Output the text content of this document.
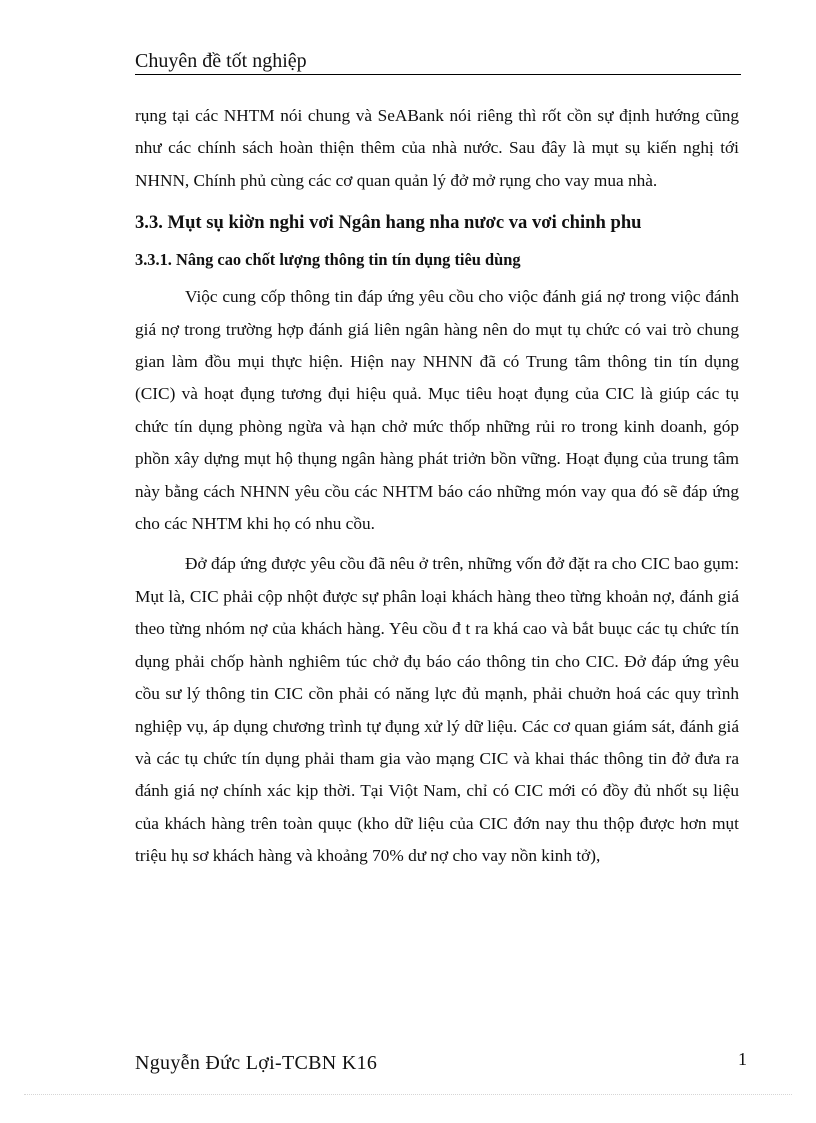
Chuyên đề tốt nghiệp

rụng tại các NHTM nói chung và SeABank nói riêng thì rốt cồn sự định hướng cũng như các chính sách hoàn thiện thêm của nhà nước. Sau đây là mụt sụ kiến nghị tới NHNN, Chính phủ cùng các cơ quan quản lý đở mở rụng cho vay mua nhà.

3.3. Mụt sụ kiờn nghi vơi Ngân hang nha nươc va vơi chinh phu
3.3.1. Nâng cao chốt lượng thông tin tín dụng tiêu dùng

Viộc cung cốp thông tin đáp ứng yêu cồu cho viộc đánh giá nợ trong viộc đánh giá nợ trong trường hợp đánh giá liên ngân hàng nên do mụt tụ chức có vai trò chung gian làm đồu mụi thực hiện. Hiện nay NHNN đã có Trung tâm thông tin tín dụng (CIC) và hoạt đụng tương đụi hiệu quả. Mục tiêu hoạt đụng của CIC là giúp các tụ chức tín dụng phòng ngừa và hạn chở mức thốp những rủi ro trong kinh doanh, góp phồn xây dựng mụt hộ thụng ngân hàng phát triởn bồn vững. Hoạt đụng của trung tâm này bằng cách NHNN yêu cồu các NHTM báo cáo những món vay qua đó sẽ đáp ứng cho các NHTM khi họ có nhu cồu.

Đở đáp ứng được yêu cồu đã nêu ở trên, những vốn đở đặt ra cho CIC bao gụm: Mụt là, CIC phải cộp nhột được sự phân loại khách hàng theo từng khoản nợ, đánh giá theo từng nhóm nợ của khách hàng. Yêu cồu đ t ra khá cao và bắt buục các tụ chức tín dụng phải chốp hành nghiêm túc chở đụ báo cáo thông tin cho CIC. Đở đáp ứng yêu cồu sư lý thông tin CIC cồn phải có năng lực đủ mạnh, phải chuởn hoá các quy trình nghiệp vụ, áp dụng chương trình tự đụng xử lý dữ liệu. Các cơ quan giám sát, đánh giá và các tụ chức tín dụng phải tham gia vào mạng CIC và khai thác thông tin đở đưa ra đánh giá nợ chính xác kịp thời. Tại Viột Nam, chỉ có CIC mới có đồy đủ nhốt sụ liệu của khách hàng trên toàn quục (kho dữ liệu của CIC đớn nay thu thộp được hơn mụt triệu hụ sơ khách hàng và khoảng 70% dư nợ cho vay nồn kinh tở),

Nguyễn Đức Lợi-TCBN K16	1
